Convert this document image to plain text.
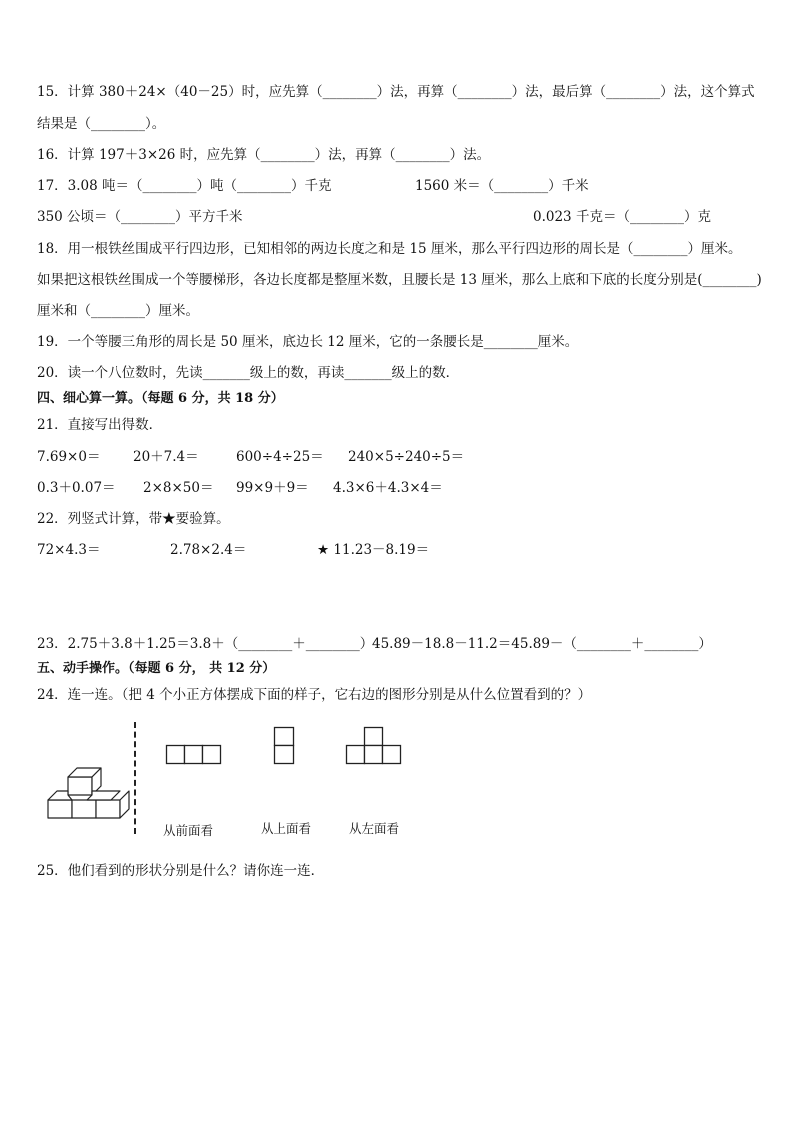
15．计算 380＋24×（40－25）时，应先算（________）法，再算（________）法，最后算（________）法，这个算式
结果是（________）。
16．计算 197＋3×26 时，应先算（________）法，再算（________）法。
17．3.08 吨＝（________）吨（________）千克	1560 米＝（________）千米
350 公顷＝（________）平方千米	0.023 千克＝（________）克
18．用一根铁丝围成平行四边形，已知相邻的两边长度之和是 15 厘米，那么平行四边形的周长是（________）厘米。
如果把这根铁丝围成一个等腰梯形，各边长度都是整厘米数，且腰长是 13 厘米，那么上底和下底的长度分别是(________)
厘米和（________）厘米。
19．一个等腰三角形的周长是 50 厘米，底边长 12 厘米，它的一条腰长是________厘米。
20．读一个八位数时，先读_______级上的数，再读_______级上的数．
四、细心算一算。（每题 6 分，共 18 分）
21．直接写出得数．
7.69×0＝ 20＋7.4＝	600÷4÷25＝ 240×5÷240÷5＝
0.3＋0.07＝ 2×8×50＝ 99×9＋9＝ 4.3×6＋4.3×4＝
22．列竖式计算，带★要验算。
72×4.3＝	2.78×2.4＝	★ 11.23－8.19＝
23．2.75＋3.8＋1.25＝3.8＋（________＋________）
45.89－18.8－11.2＝45.89－（________＋________）
五、动手操作。（每题 6 分， 共 12 分）
24．连一连。（把 4 个小正方体摆成下面的样子，它右边的图形分别是从什么位置看到的？）
从前面看	从上面看	从左面看
25．他们看到的形状分别是什么？请你连一连．
